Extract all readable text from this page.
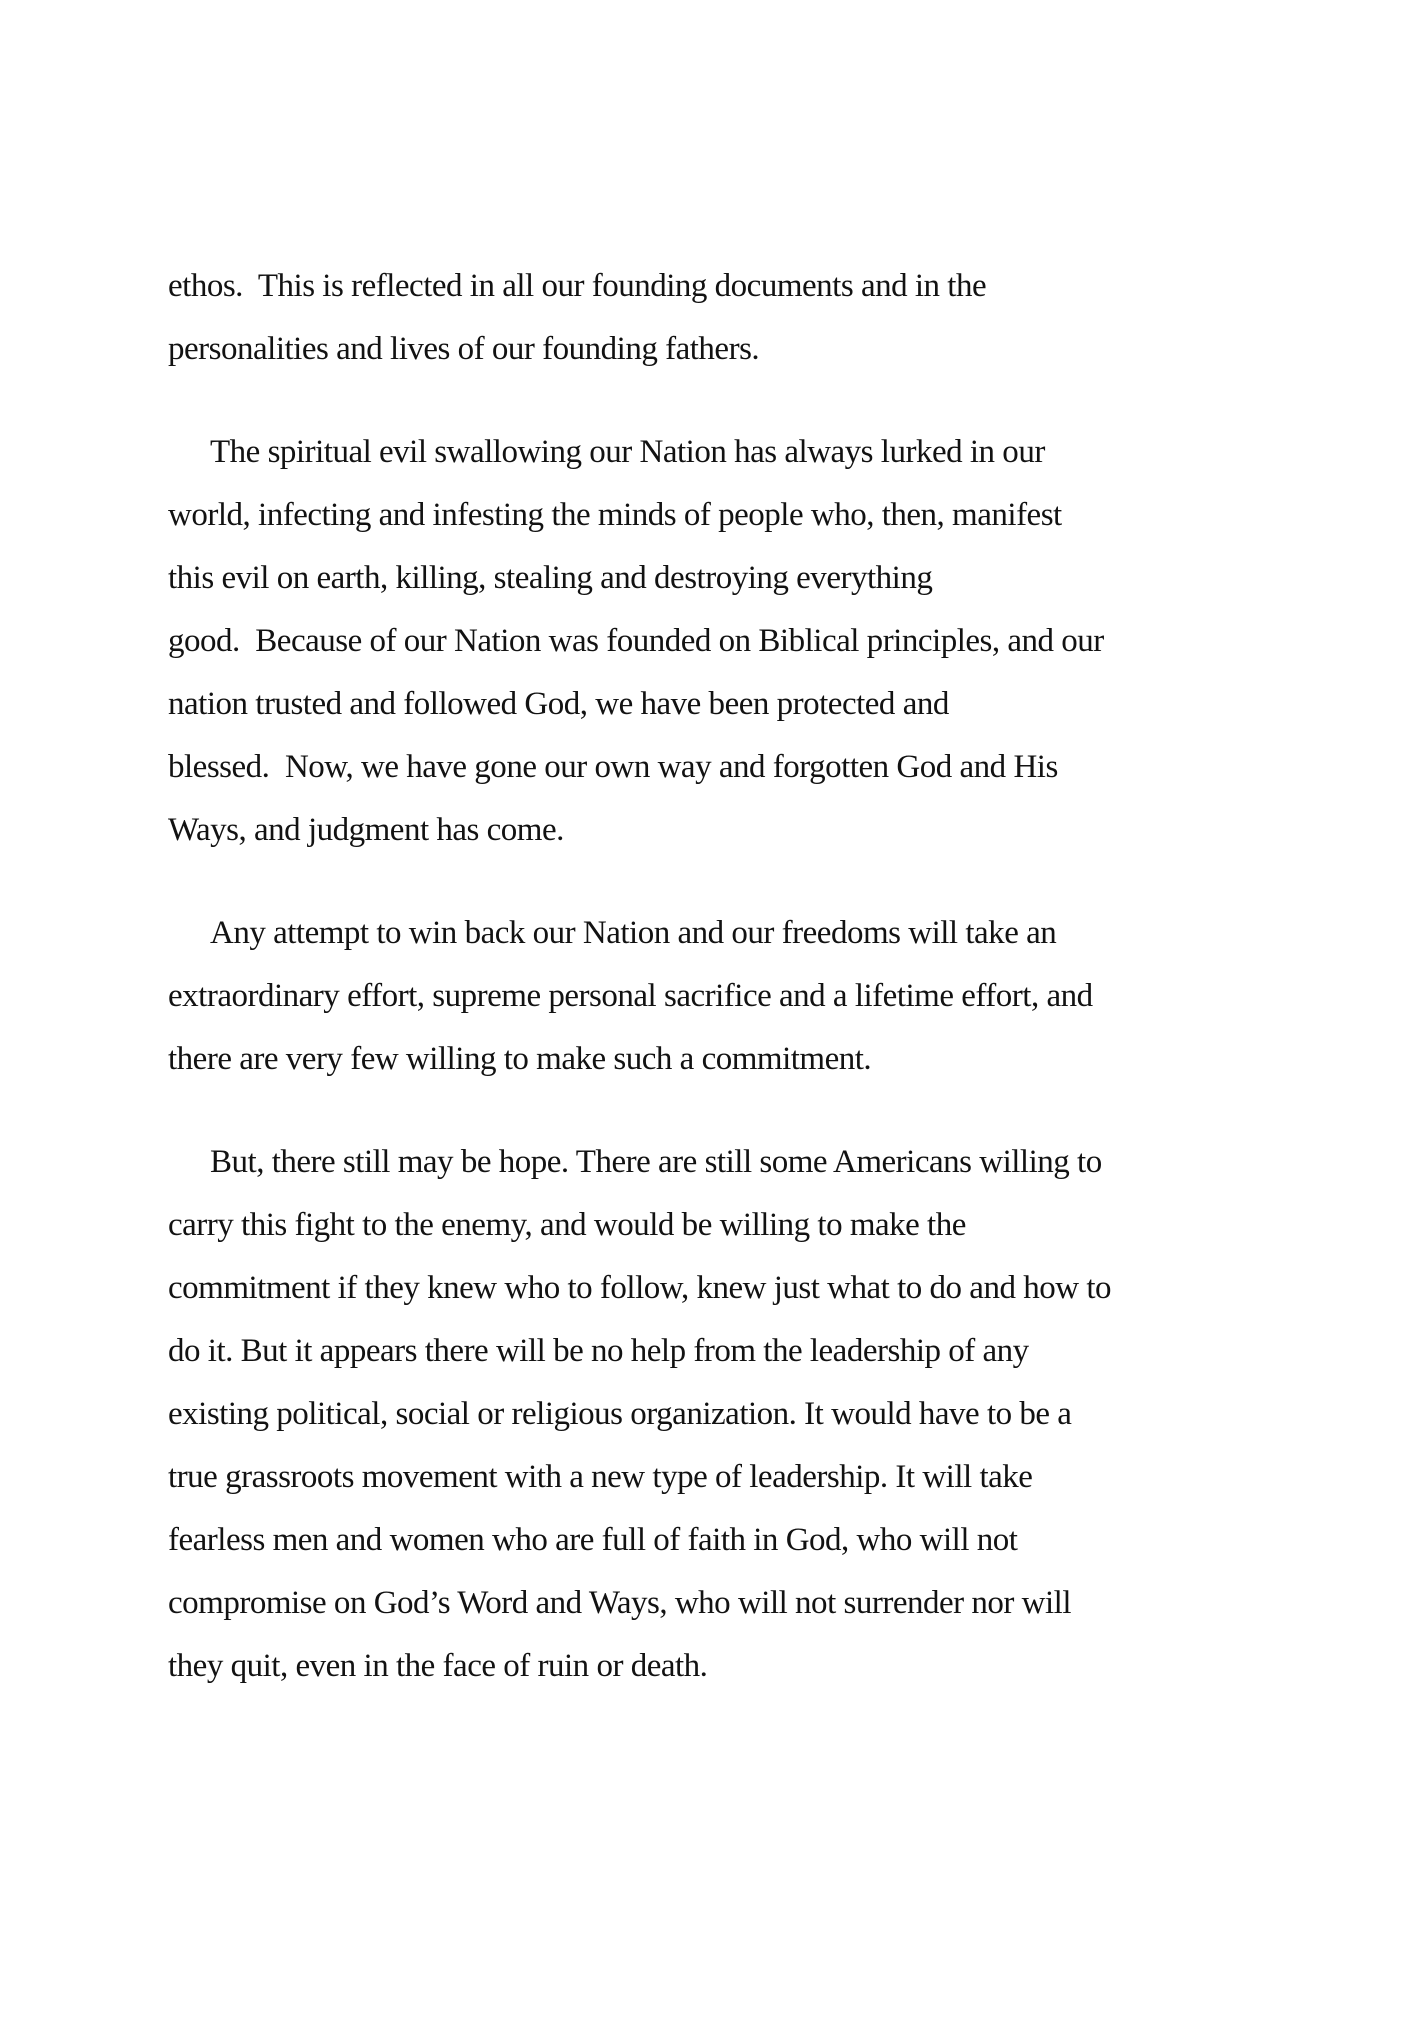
ethos.  This is reflected in all our founding documents and in the
personalities and lives of our founding fathers.
The spiritual evil swallowing our Nation has always lurked in our
world, infecting and infesting the minds of people who, then, manifest
this evil on earth, killing, stealing and destroying everything
good.  Because of our Nation was founded on Biblical principles, and our
nation trusted and followed God, we have been protected and
blessed.  Now, we have gone our own way and forgotten God and His
Ways, and judgment has come.
Any attempt to win back our Nation and our freedoms will take an
extraordinary effort, supreme personal sacrifice and a lifetime effort, and
there are very few willing to make such a commitment.
But, there still may be hope. There are still some Americans willing to
carry this fight to the enemy, and would be willing to make the
commitment if they knew who to follow, knew just what to do and how to
do it. But it appears there will be no help from the leadership of any
existing political, social or religious organization. It would have to be a
true grassroots movement with a new type of leadership. It will take
fearless men and women who are full of faith in God, who will not
compromise on God’s Word and Ways, who will not surrender nor will
they quit, even in the face of ruin or death.
